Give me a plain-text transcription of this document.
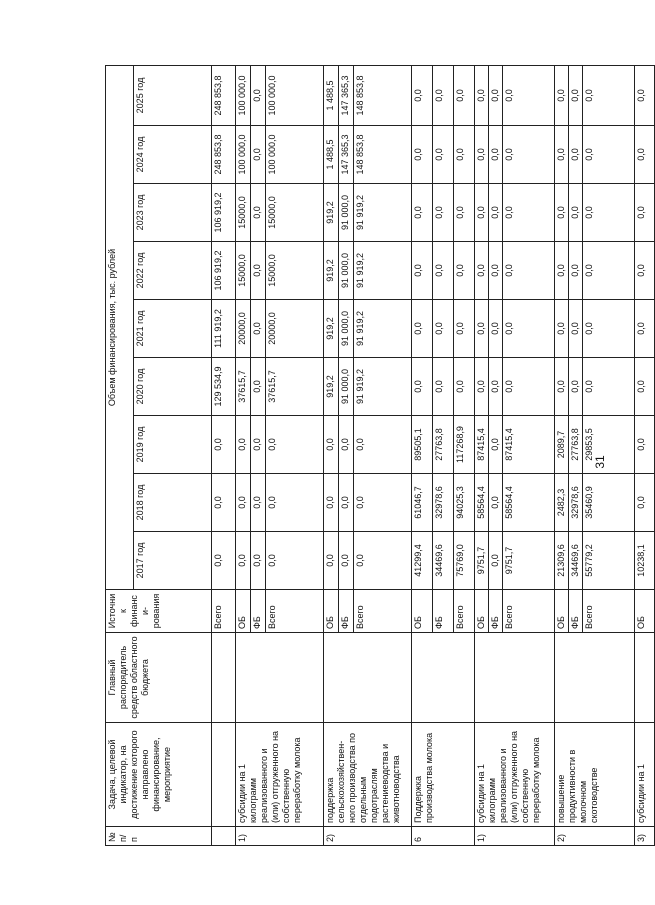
31
№ п/п	Задача, целевой индикатор, на достижение которого направлено финансирование, мероприятие	Главный распорядитель средств областного бюджета	Источник финанси-рования	Объем финансирования, тыс. рублей								
				2017 год	2018 год	2019 год	2020 год	2021 год	2022 год	2023 год	2024 год	2025 год
			Всего	0,0	0,0	0,0	129 534,9	111 919,2	106 919,2	106 919,2	248 853,8	248 853,8
1)	субсидии на 1 килограмм реализованного и (или) отгруженного на собственную переработку молока		ОБ	0,0	0,0	0,0	37615,7	20000,0	15000,0	15000,0	100 000,0	100 000,0
			ФБ	0,0	0,0	0,0	0,0	0,0	0,0	0,0	0,0	0,0
			Всего	0,0	0,0	0,0	37615,7	20000,0	15000,0	15000,0	100 000,0	100 000,0
2)	поддержка сельскохозяйствен-ного производства по отдельным подотраслям растениеводства и животноводства		ОБ	0,0	0,0	0,0	919,2	919,2	919,2	919,2	1 488,5	1 488,5
			ФБ	0,0	0,0	0,0	91 000,0	91 000,0	91 000,0	91 000,0	147 365,3	147 365,3
			Всего	0,0	0,0	0,0	91 919,2	91 919,2	91 919,2	91 919,2	148 853,8	148 853,8
6	Поддержка производства молока		ОБ	41299,4	61046,7	89505,1	0,0	0,0	0,0	0,0	0,0	0,0
			ФБ	34469,6	32978,6	27763,8	0,0	0,0	0,0	0,0	0,0	0,0
			Всего	75769,0	94025,3	117268,9	0,0	0,0	0,0	0,0	0,0	0,0
1)	субсидии на 1 килограмм реализованного и (или) отгруженного на собственную переработку молока		ОБ	9751,7	58564,4	87415,4	0,0	0,0	0,0	0,0	0,0	0,0
			ФБ	0,0	0,0	0,0	0,0	0,0	0,0	0,0	0,0	0,0
			Всего	9751,7	58564,4	87415,4	0,0	0,0	0,0	0,0	0,0	0,0
2)	повышение продуктивности в молочном скотоводстве		ОБ	21309,6	2482,3	2089,7	0,0	0,0	0,0	0,0	0,0	0,0
			ФБ	34469,6	32978,6	27763,8	0,0	0,0	0,0	0,0	0,0	0,0
			Всего	55779,2	35460,9	29853,5	0,0	0,0	0,0	0,0	0,0	0,0
3)	субсидии на 1		ОБ	10238,1	0,0	0,0	0,0	0,0	0,0	0,0	0,0	0,0
